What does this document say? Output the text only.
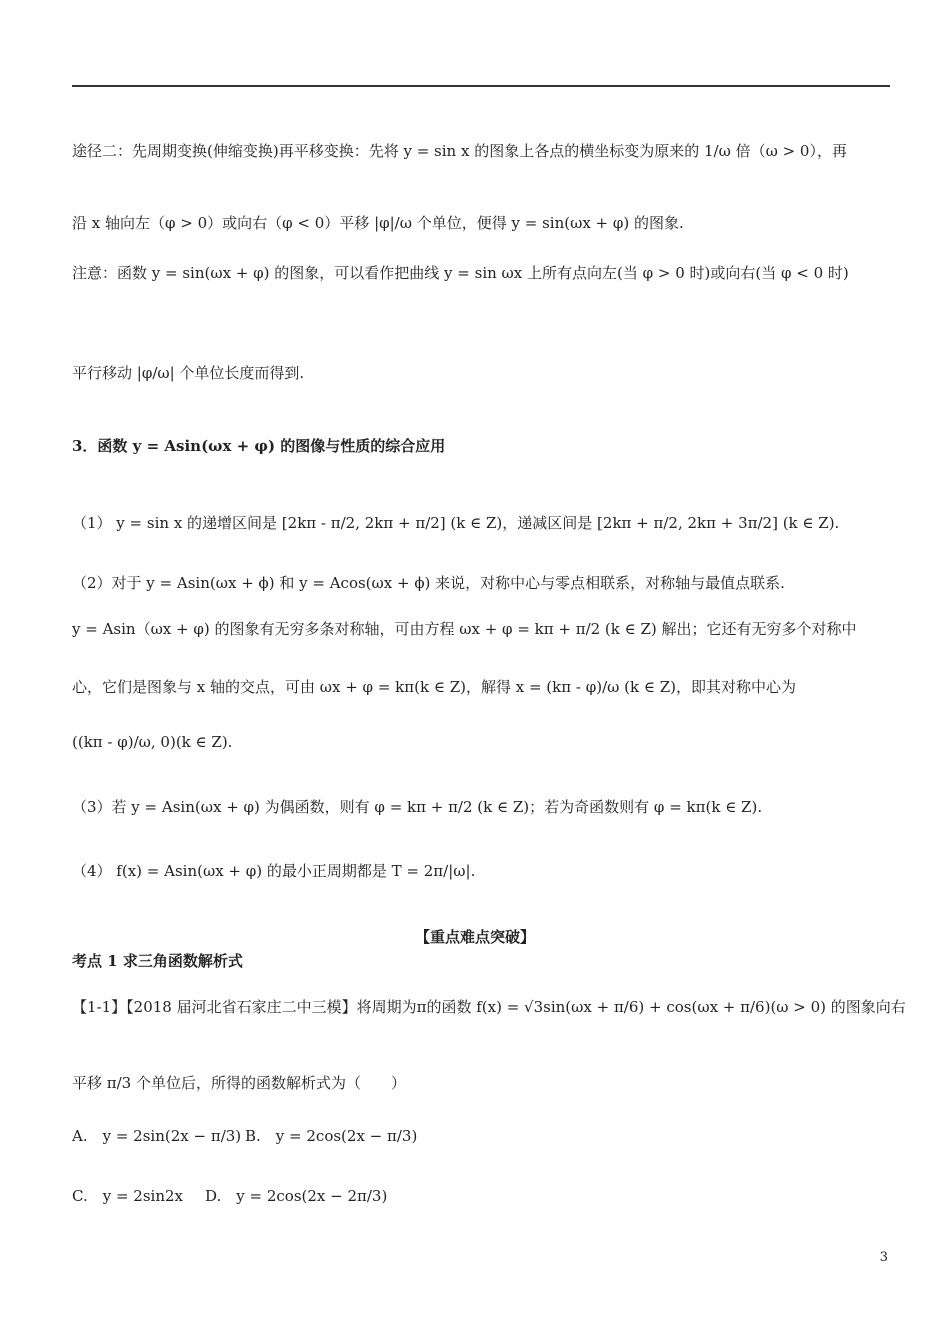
途径二：先周期变换(伸缩变换)再平移变换：先将 y = sin x 的图象上各点的横坐标变为原来的 1/ω 倍（ω > 0），再
沿 x 轴向左（φ > 0）或向右（φ < 0）平移 |φ|/ω 个单位，便得 y = sin(ωx + φ) 的图象.
注意：函数 y = sin(ωx + φ) 的图象，可以看作把曲线 y = sin ωx 上所有点向左(当 φ > 0 时)或向右(当 φ < 0 时)
平行移动 |φ/ω| 个单位长度而得到.
3．函数 y = Asin(ωx + φ) 的图像与性质的综合应用
（1） y = sin x 的递增区间是 [2kπ - π/2, 2kπ + π/2] (k ∈ Z)，递减区间是 [2kπ + π/2, 2kπ + 3π/2] (k ∈ Z).
（2）对于 y = Asin(ωx + ϕ) 和 y = Acos(ωx + ϕ) 来说，对称中心与零点相联系，对称轴与最值点联系.
y = Asin（ωx + φ) 的图象有无穷多条对称轴，可由方程 ωx + φ = kπ + π/2 (k ∈ Z) 解出；它还有无穷多个对称中
心，它们是图象与 x 轴的交点，可由 ωx + φ = kπ(k ∈ Z)，解得 x = (kπ - φ)/ω (k ∈ Z)，即其对称中心为
((kπ - φ)/ω, 0)(k ∈ Z).
（3）若 y = Asin(ωx + φ) 为偶函数，则有 φ = kπ + π/2 (k ∈ Z)；若为奇函数则有 φ = kπ(k ∈ Z).
（4） f(x) = Asin(ωx + φ) 的最小正周期都是 T = 2π/|ω|.
【重点难点突破】
考点 1 求三角函数解析式
【1-1】【2018 届河北省石家庄二中三模】将周期为π的函数 f(x) = √3sin(ωx + π/6) + cos(ωx + π/6)(ω > 0) 的图象向右
平移 π/3 个单位后，所得的函数解析式为（　　）
A.　y = 2sin(2x − π/3) B.　y = 2cos(2x − π/3)
C.　y = 2sin2x D.　y = 2cos(2x − 2π/3)
3
